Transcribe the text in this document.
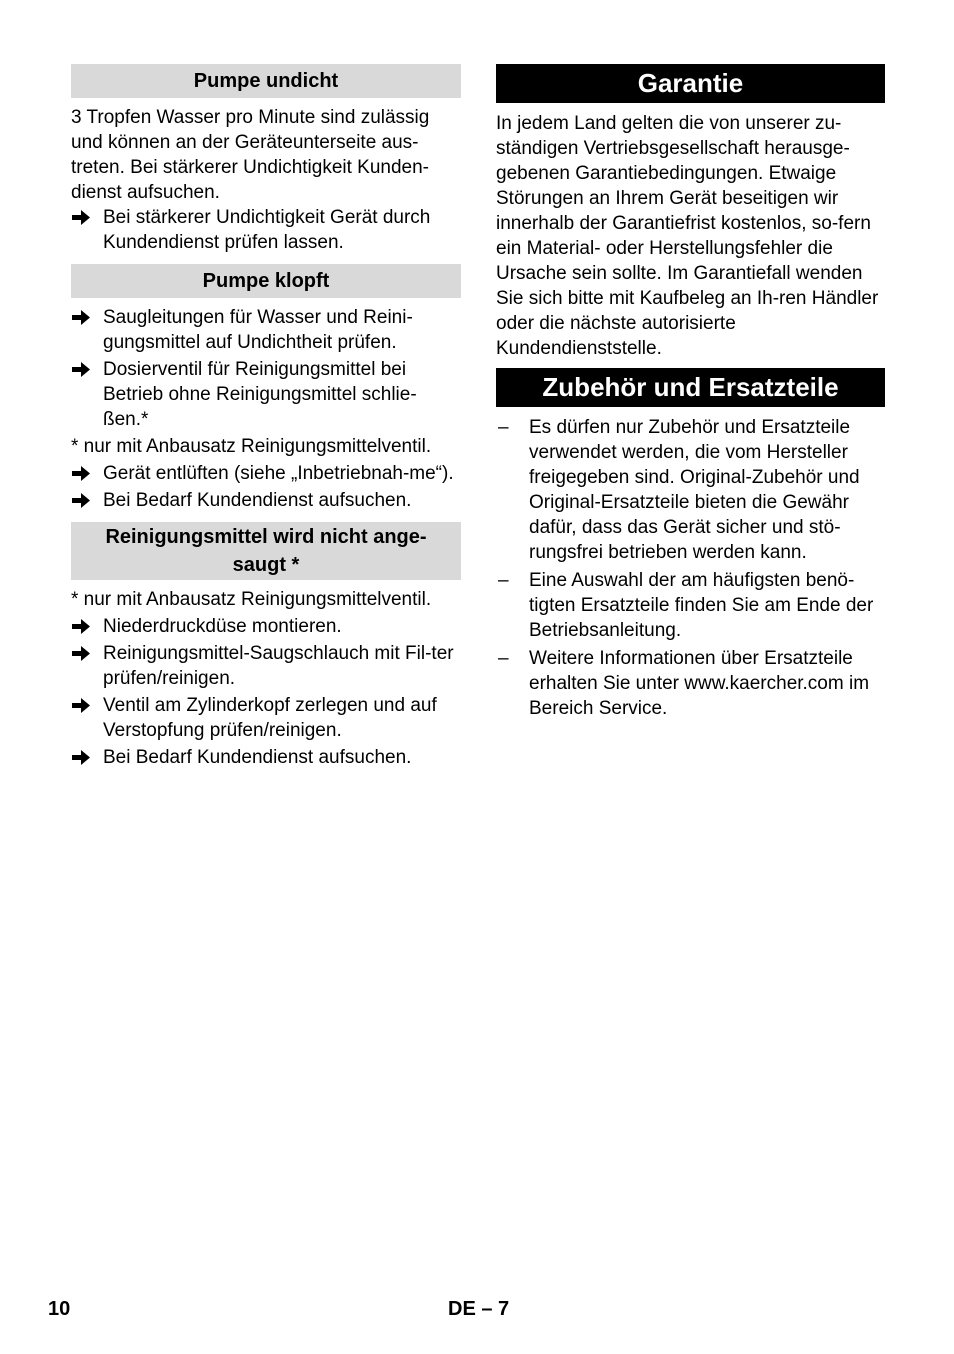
Pumpe undicht

3 Tropfen Wasser pro Minute sind zulässig und können an der Geräteunterseite aus-treten. Bei stärkerer Undichtigkeit Kunden-dienst aufsuchen.

Bei stärkerer Undichtigkeit Gerät durch Kundendienst prüfen lassen.
Pumpe klopft
Saugleitungen für Wasser und Reini-gungsmittel auf Undichtheit prüfen.
Dosierventil für Reinigungsmittel bei Betrieb ohne Reinigungsmittel schlie-ßen.*

* nur mit Anbausatz Reinigungsmittelventil.

Gerät entlüften (siehe „Inbetriebnah-me“).
Bei Bedarf Kundendienst aufsuchen.
Reinigungsmittel wird nicht ange-saugt *

* nur mit Anbausatz Reinigungsmittelventil.

Niederdruckdüse montieren.
Reinigungsmittel-Saugschlauch mit Fil-ter prüfen/reinigen.
Ventil am Zylinderkopf zerlegen und auf Verstopfung prüfen/reinigen.
Bei Bedarf Kundendienst aufsuchen.
Garantie

In jedem Land gelten die von unserer zu-ständigen Vertriebsgesellschaft herausge-gebenen Garantiebedingungen. Etwaige Störungen an Ihrem Gerät beseitigen wir innerhalb der Garantiefrist kostenlos, so-fern ein Material- oder Herstellungsfehler die Ursache sein sollte. Im Garantiefall wenden Sie sich bitte mit Kaufbeleg an Ih-ren Händler oder die nächste autorisierte Kundendienststelle.

Zubehör und Ersatzteile
– Es dürfen nur Zubehör und Ersatzteile verwendet werden, die vom Hersteller freigegeben sind. Original-Zubehör und Original-Ersatzteile bieten die Gewähr dafür, dass das Gerät sicher und stö-rungsfrei betrieben werden kann.
– Eine Auswahl der am häufigsten benö-tigten Ersatzteile finden Sie am Ende der Betriebsanleitung.
– Weitere Informationen über Ersatzteile erhalten Sie unter www.kaercher.com im Bereich Service.
10	DE – 7
